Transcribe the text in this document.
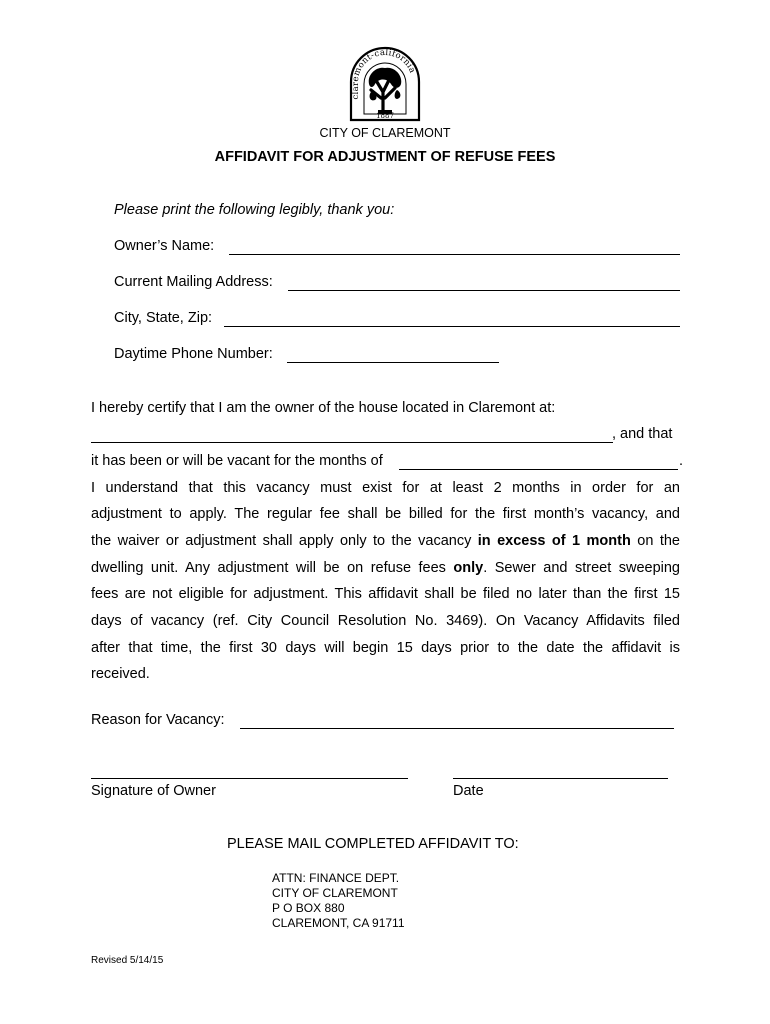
claremont-california
1887
CITY OF CLAREMONT
AFFIDAVIT FOR ADJUSTMENT OF REFUSE FEES
Please print the following legibly, thank you:
Owner’s Name:
Current Mailing Address:
City, State, Zip:
Daytime Phone Number:
I hereby certify that I am the owner of the house located in Claremont at:
, and that
it has been or will be vacant for the months of	.
I understand that this vacancy must exist for at least 2 months in order for an
adjustment to apply. The regular fee shall be billed for the first month’s vacancy, and
the waiver or adjustment shall apply only to the vacancy in excess of 1 month on the
dwelling unit. Any adjustment will be on refuse fees only. Sewer and street sweeping
fees are not eligible for adjustment. This affidavit shall be filed no later than the first 15
days of vacancy (ref. City Council Resolution No. 3469). On Vacancy Affidavits filed
after that time, the first 30 days will begin 15 days prior to the date the affidavit is
received.
Reason for Vacancy:
Signature of Owner	Date
PLEASE MAIL COMPLETED AFFIDAVIT TO:
ATTN: FINANCE DEPT.
CITY OF CLAREMONT
P O BOX 880
CLAREMONT, CA 91711
Revised 5/14/15
